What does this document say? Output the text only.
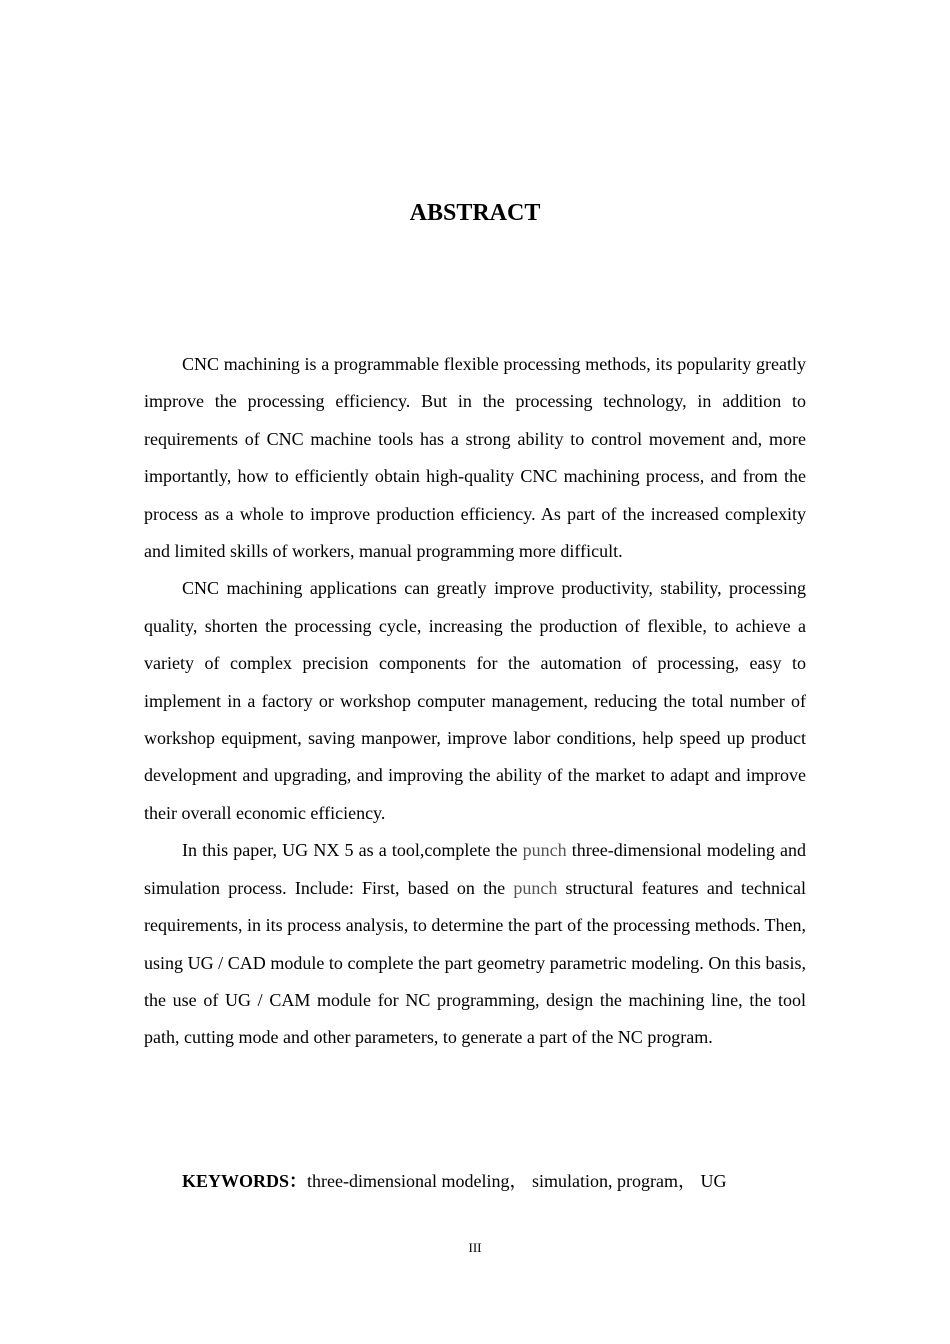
ABSTRACT

CNC machining is a programmable flexible processing methods, its popularity greatly improve the processing efficiency. But in the processing technology, in addition to requirements of CNC machine tools has a strong ability to control movement and, more importantly, how to efficiently obtain high-quality CNC machining process, and from the process as a whole to improve production efficiency. As part of the increased complexity and limited skills of workers, manual programming more difficult.

CNC machining applications can greatly improve productivity, stability, processing quality, shorten the processing cycle, increasing the production of flexible, to achieve a variety of complex precision components for the automation of processing, easy to implement in a factory or workshop computer management, reducing the total number of workshop equipment, saving manpower, improve labor conditions, help speed up product development and upgrading, and improving the ability of the market to adapt and improve their overall economic efficiency.

In this paper, UG NX 5 as a tool,complete the punch three-dimensional modeling and simulation process. Include: First, based on the punch structural features and technical requirements, in its process analysis, to determine the part of the processing methods. Then, using UG / CAD module to complete the part geometry parametric modeling. On this basis, the use of UG / CAM module for NC programming, design the machining line, the tool path, cutting mode and other parameters, to generate a part of the NC program.

KEYWORDS：three-dimensional modeling， simulation, program， UG

III
